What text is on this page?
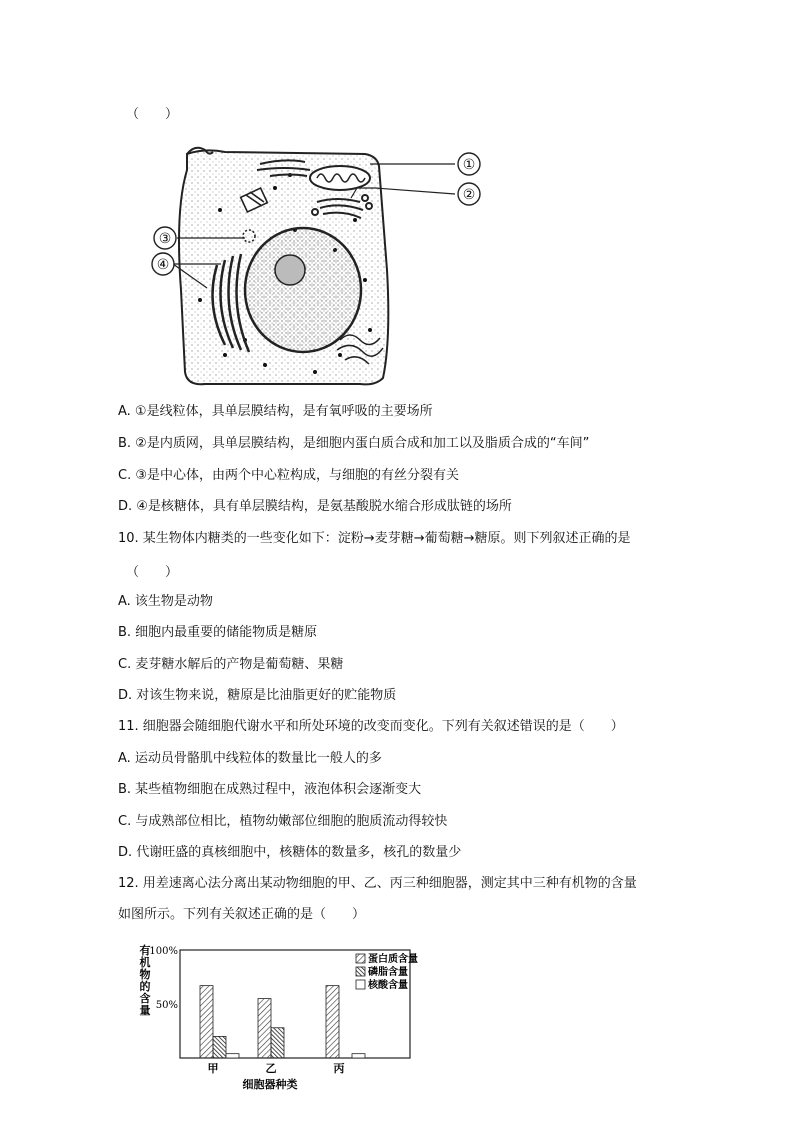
（　　）
①
②
③
④
A. ①是线粒体，具单层膜结构，是有氧呼吸的主要场所
B. ②是内质网，具单层膜结构，是细胞内蛋白质合成和加工以及脂质合成的“车间”
C. ③是中心体，由两个中心粒构成，与细胞的有丝分裂有关
D. ④是核糖体，具有单层膜结构，是氨基酸脱水缩合形成肽链的场所
10. 某生物体内糖类的一些变化如下：淀粉→麦芽糖→葡萄糖→糖原。则下列叙述正确的是
（　　）
A. 该生物是动物
B. 细胞内最重要的储能物质是糖原
C. 麦芽糖水解后的产物是葡萄糖、果糖
D. 对该生物来说，糖原是比油脂更好的贮能物质
11. 细胞器会随细胞代谢水平和所处环境的改变而变化。下列有关叙述错误的是（　　）
A. 运动员骨骼肌中线粒体的数量比一般人的多
B. 某些植物细胞在成熟过程中，液泡体积会逐渐变大
C. 与成熟部位相比，植物幼嫩部位细胞的胞质流动得较快
D. 代谢旺盛的真核细胞中，核糖体的数量多，核孔的数量少
12. 用差速离心法分离出某动物细胞的甲、乙、丙三种细胞器，测定其中三种有机物的含量
如图所示。下列有关叙述正确的是（　　）
100%
50%
有
机
物
的
含
量
甲	乙	丙
细胞器种类
蛋白质含量
磷脂含量
核酸含量
